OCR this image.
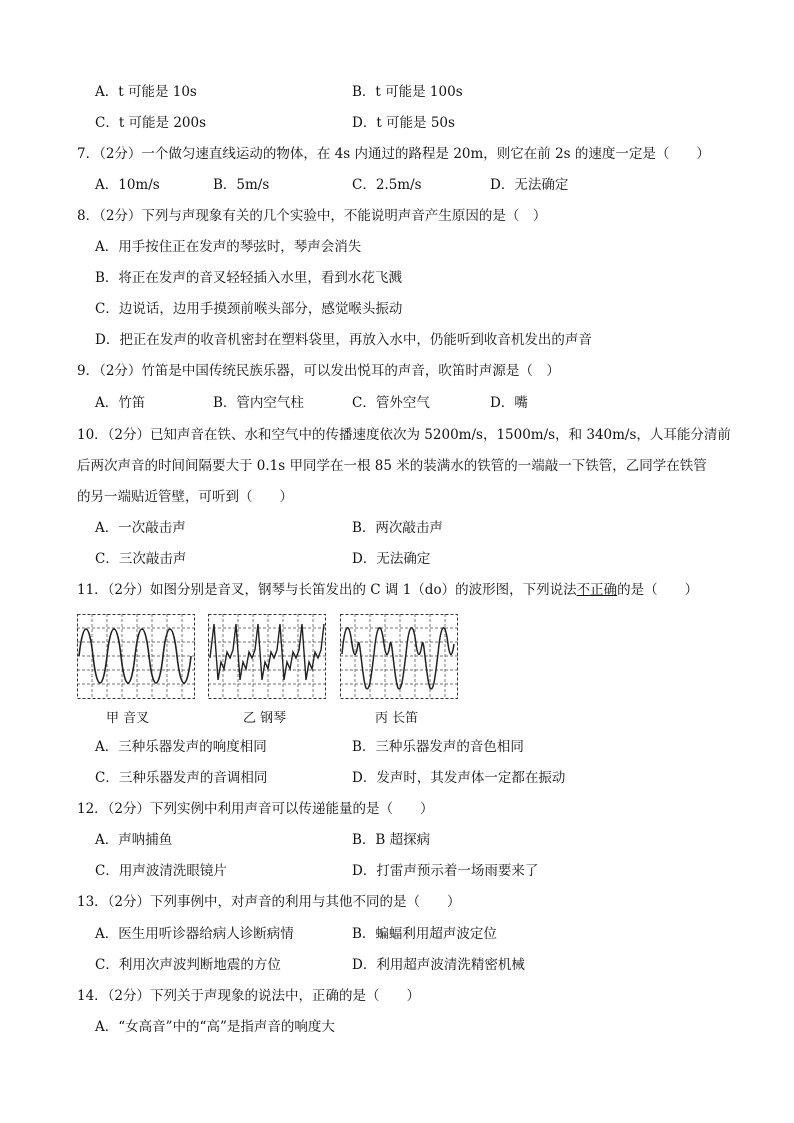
A．t 可能是 10s	B．t 可能是 100s
C．t 可能是 200s	D．t 可能是 50s
7．（2分）一个做匀速直线运动的物体，在 4s 内通过的路程是 20m，则它在前 2s 的速度一定是（　　）
A．10m/s	B．5m/s	C．2.5m/s	D．无法确定
8．（2分）下列与声现象有关的几个实验中，不能说明声音产生原因的是（　）
A．用手按住正在发声的琴弦时，琴声会消失
B．将正在发声的音叉轻轻插入水里，看到水花飞溅
C．边说话，边用手摸颈前喉头部分，感觉喉头振动
D．把正在发声的收音机密封在塑料袋里，再放入水中，仍能听到收音机发出的声音
9．（2分）竹笛是中国传统民族乐器，可以发出悦耳的声音，吹笛时声源是（　）
A．竹笛	B．管内空气柱	C．管外空气	D．嘴
10．（2分）已知声音在铁、水和空气中的传播速度依次为 5200m/s，1500m/s，和 340m/s，人耳能分清前
后两次声音的时间间隔要大于 0.1s 甲同学在一根 85 米的装满水的铁管的一端敲一下铁管，乙同学在铁管
的另一端贴近管壁，可听到（　　）
A．一次敲击声	B．两次敲击声
C．三次敲击声	D．无法确定
11．（2分）如图分别是音叉，钢琴与长笛发出的 C 调 1（do）的波形图，下列说法不正确的是（　　）
甲 音叉	乙 钢琴	丙 长笛
A．三种乐器发声的响度相同	B．三种乐器发声的音色相同
C．三种乐器发声的音调相同	D．发声时，其发声体一定都在振动
12．（2分）下列实例中利用声音可以传递能量的是（　　）
A．声呐捕鱼	B．B 超探病
C．用声波清洗眼镜片	D．打雷声预示着一场雨要来了
13．（2分）下列事例中，对声音的利用与其他不同的是（　　）
A．医生用听诊器给病人诊断病情	B．蝙蝠利用超声波定位
C．利用次声波判断地震的方位	D．利用超声波清洗精密机械
14．（2分）下列关于声现象的说法中，正确的是（　　）
A．“女高音”中的“高”是指声音的响度大
